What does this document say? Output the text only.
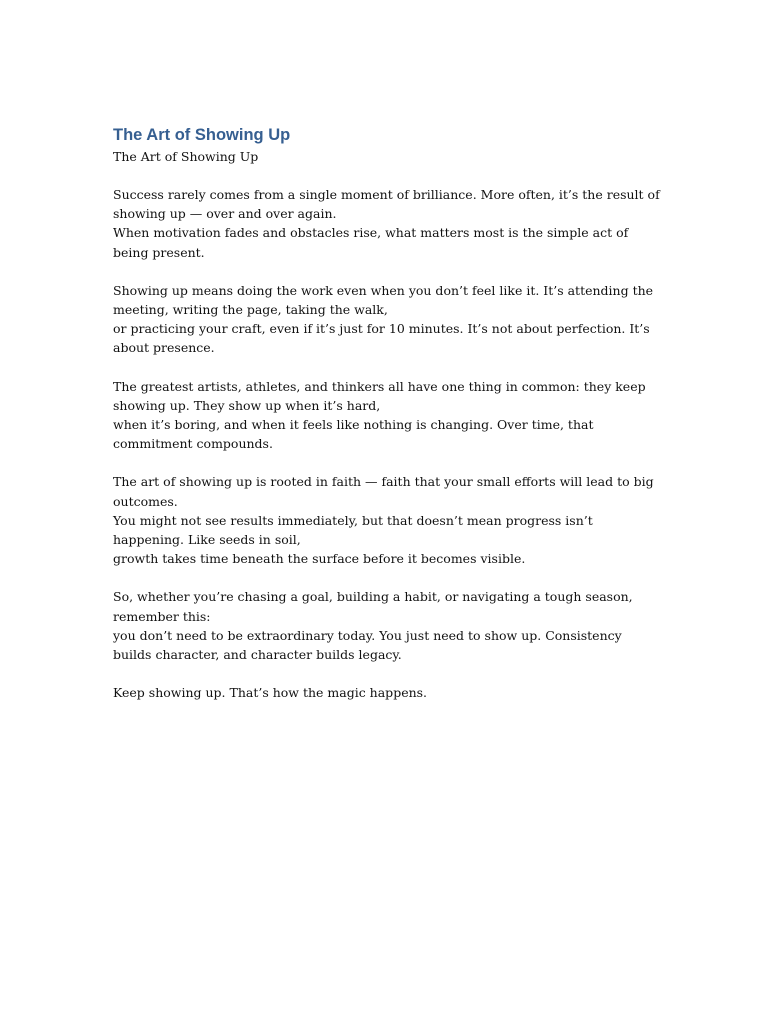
The Art of Showing Up

The Art of Showing Up

Success rarely comes from a single moment of brilliance. More often, it’s the result of showing up — over and over again.
When motivation fades and obstacles rise, what matters most is the simple act of being present.
Showing up means doing the work even when you don’t feel like it. It’s attending the meeting, writing the page, taking the walk,
or practicing your craft, even if it’s just for 10 minutes. It’s not about perfection. It’s about presence.
The greatest artists, athletes, and thinkers all have one thing in common: they keep showing up. They show up when it’s hard,
when it’s boring, and when it feels like nothing is changing. Over time, that commitment compounds.
The art of showing up is rooted in faith — faith that your small efforts will lead to big outcomes.
You might not see results immediately, but that doesn’t mean progress isn’t happening. Like seeds in soil,
growth takes time beneath the surface before it becomes visible.
So, whether you’re chasing a goal, building a habit, or navigating a tough season, remember this:
you don’t need to be extraordinary today. You just need to show up. Consistency builds character, and character builds legacy.
Keep showing up. That’s how the magic happens.
